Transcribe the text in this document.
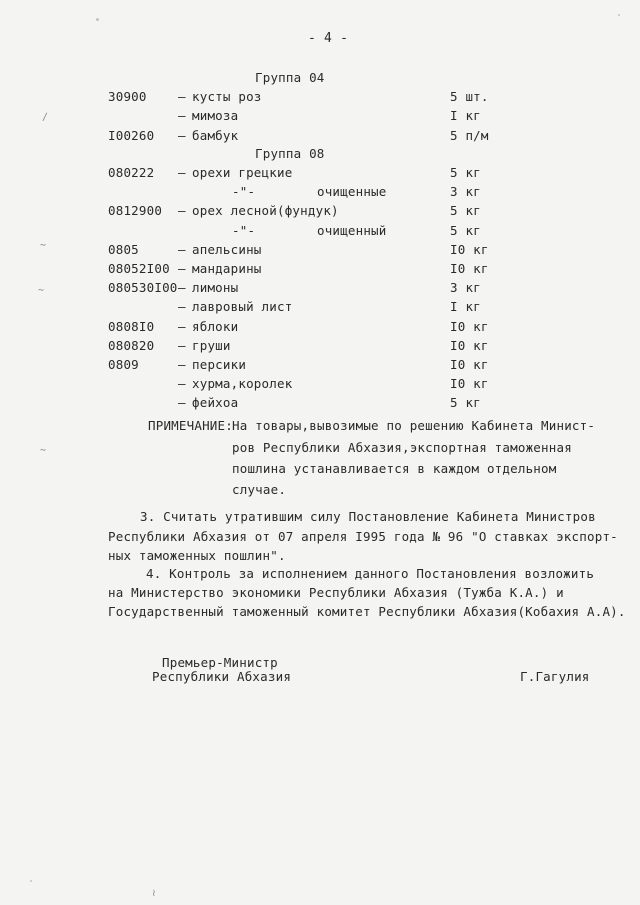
- 4 -
Группа 04
30900	– кусты роз	5 шт.
– мимоза	I кг
I00260 – бамбук	5 п/м
Группа 08
080222 – орехи грецкие	5 кг
-"-        очищенные	3 кг
0812900 – орех лесной(фундук)	5 кг
-"-        очищенный	5 кг
0805	– апельсины	I0 кг
08052I00 – мандарины	I0 кг
080530I00 – лимоны	3 кг
– лавровый лист	I кг
0808I0 – яблоки	I0 кг
080820 – груши	I0 кг
0809	– персики	I0 кг
– хурма,королек	I0 кг
– фейхоа	5 кг
ПРИМЕЧАНИЕ: На товары,вывозимые по решению Кабинета Минист-
ров Республики Абхазия,экспортная таможенная
пошлина устанавливается в каждом отдельном
случае.
3. Считать утратившим силу Постановление Кабинета Министров
Республики Абхазия от 07 апреля I995 года № 96 "О ставках экспорт-
ных таможенных пошлин".
4. Контроль за исполнением данного Постановления возложить
на Министерство экономики Республики Абхазия (Тужба К.А.) и
Государственный таможенный комитет Республики Абхазия(Кобахия А.А).
Премьер-Министр
Республики Абхазия	Г.Гагулия
∕
∼
∼
∼
≀
